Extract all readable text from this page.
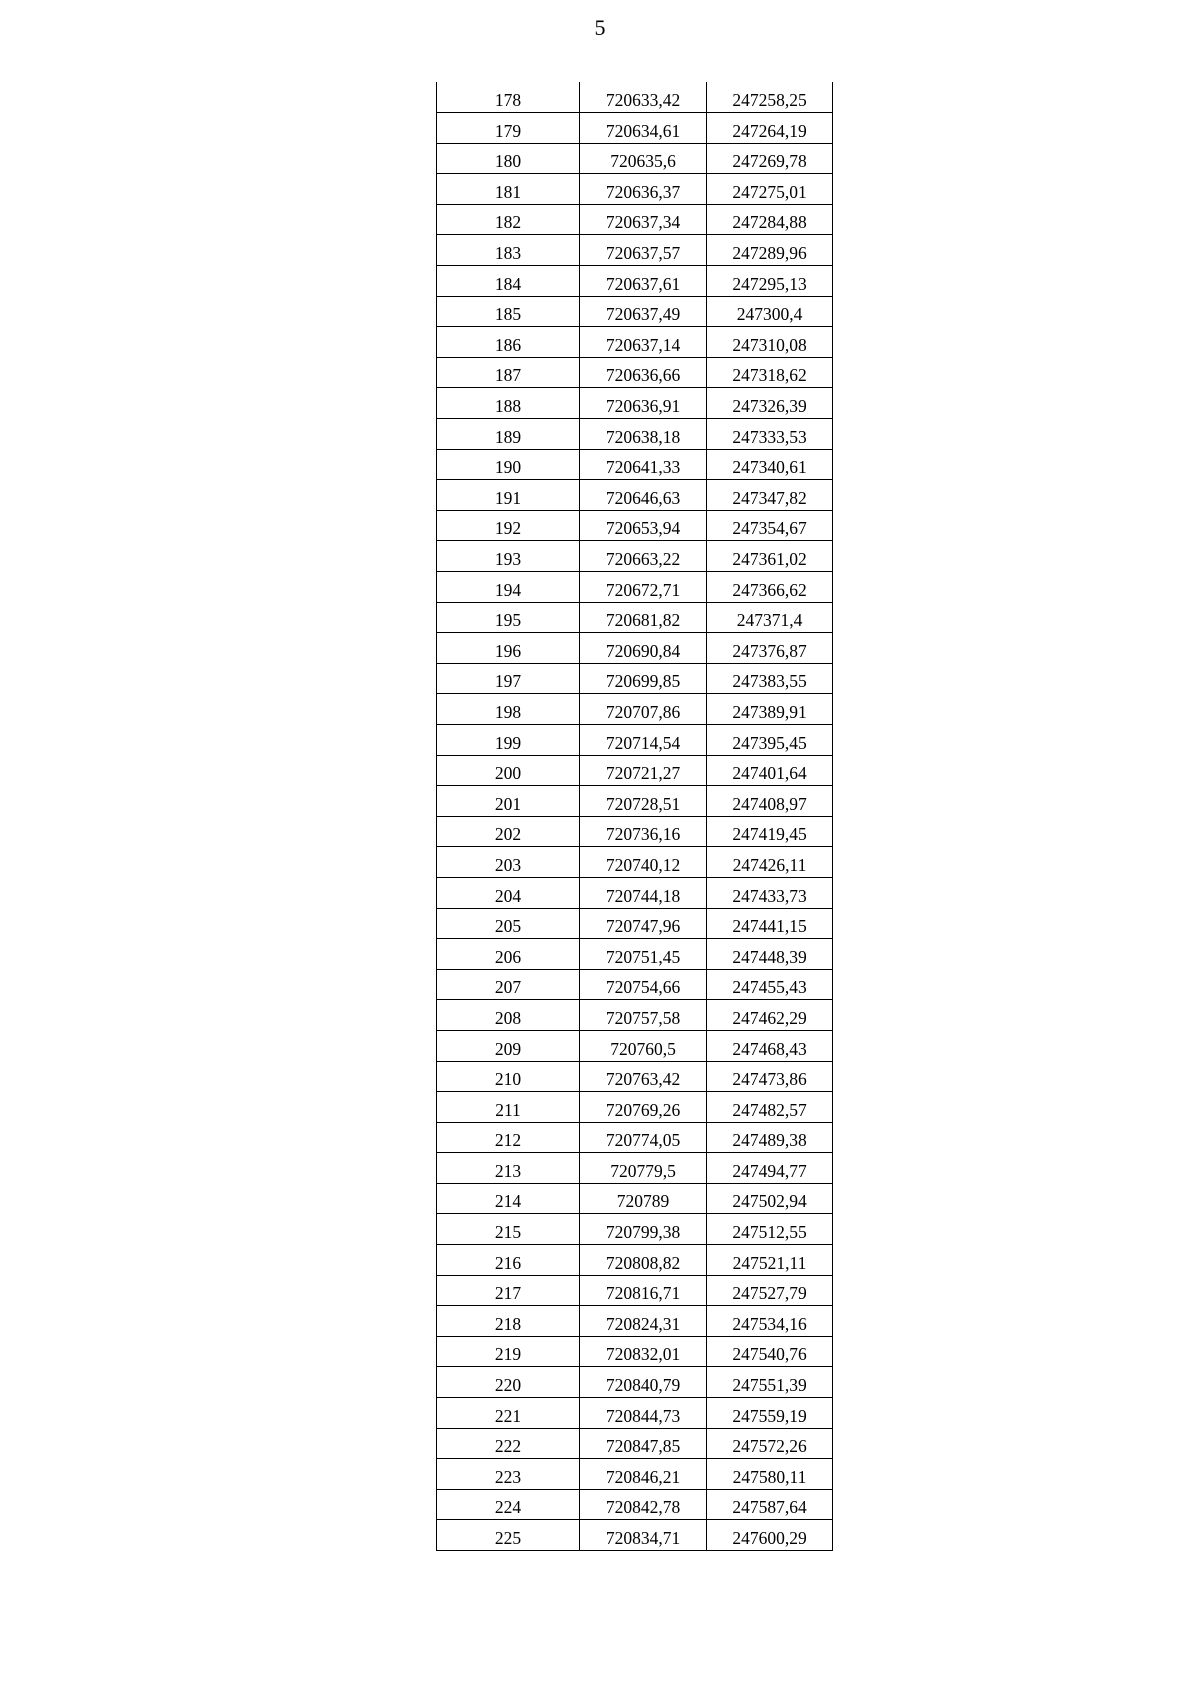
5
178	720633,42	247258,25
179	720634,61	247264,19
180	720635,6	247269,78
181	720636,37	247275,01
182	720637,34	247284,88
183	720637,57	247289,96
184	720637,61	247295,13
185	720637,49	247300,4
186	720637,14	247310,08
187	720636,66	247318,62
188	720636,91	247326,39
189	720638,18	247333,53
190	720641,33	247340,61
191	720646,63	247347,82
192	720653,94	247354,67
193	720663,22	247361,02
194	720672,71	247366,62
195	720681,82	247371,4
196	720690,84	247376,87
197	720699,85	247383,55
198	720707,86	247389,91
199	720714,54	247395,45
200	720721,27	247401,64
201	720728,51	247408,97
202	720736,16	247419,45
203	720740,12	247426,11
204	720744,18	247433,73
205	720747,96	247441,15
206	720751,45	247448,39
207	720754,66	247455,43
208	720757,58	247462,29
209	720760,5	247468,43
210	720763,42	247473,86
211	720769,26	247482,57
212	720774,05	247489,38
213	720779,5	247494,77
214	720789	247502,94
215	720799,38	247512,55
216	720808,82	247521,11
217	720816,71	247527,79
218	720824,31	247534,16
219	720832,01	247540,76
220	720840,79	247551,39
221	720844,73	247559,19
222	720847,85	247572,26
223	720846,21	247580,11
224	720842,78	247587,64
225	720834,71	247600,29
